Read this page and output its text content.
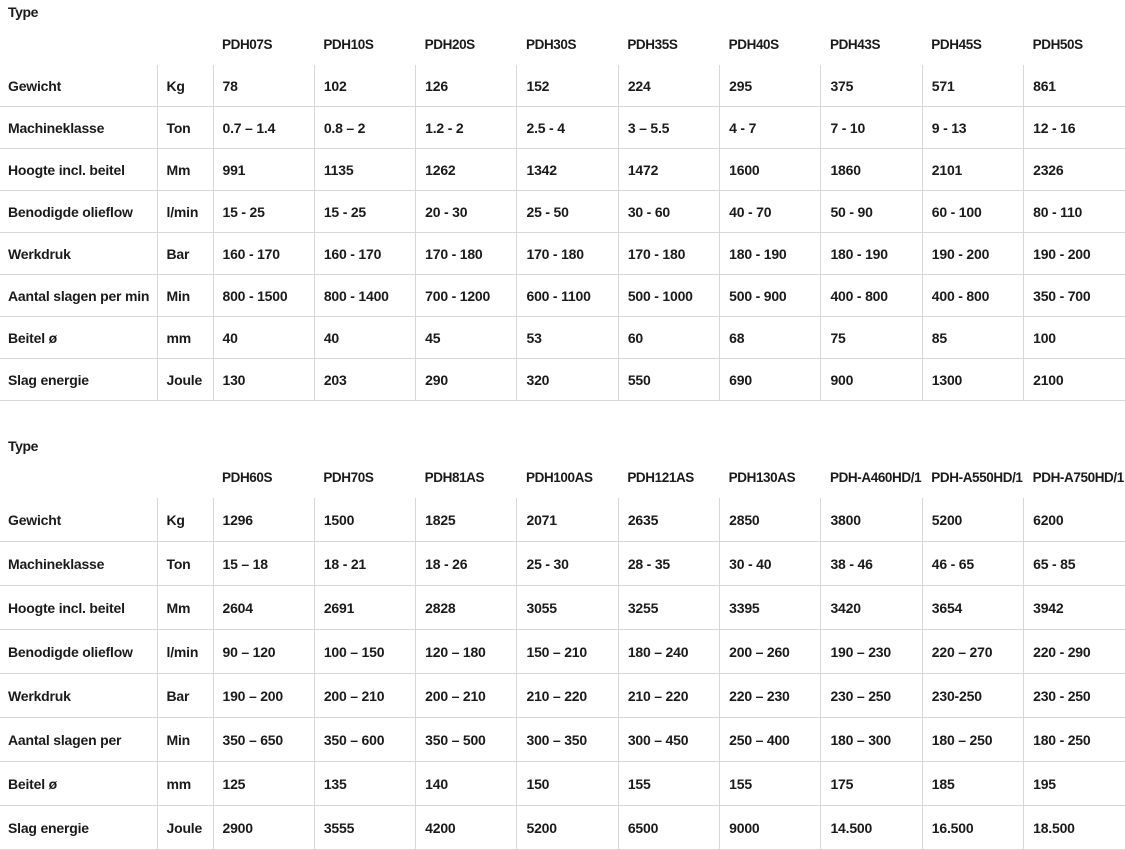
Type		PDH07S	PDH10S	PDH20S	PDH30S	PDH35S	PDH40S	PDH43S	PDH45S	PDH50S
Gewicht	Kg	78	102	126	152	224	295	375	571	861
Machineklasse	Ton	0.7 – 1.4	0.8 – 2	1.2 - 2	2.5 - 4	3 – 5.5	4 - 7	7 - 10	9 - 13	12 - 16
Hoogte incl. beitel	Mm	991	1135	1262	1342	1472	1600	1860	2101	2326
Benodigde olieflow	l/min	15 - 25	15 - 25	20 - 30	25 - 50	30 - 60	40 - 70	50 - 90	60 - 100	80 - 110
Werkdruk	Bar	160 - 170	160 - 170	170 - 180	170 - 180	170 - 180	180 - 190	180 - 190	190 - 200	190 - 200
Aantal slagen per min	Min	800 - 1500	800 - 1400	700 - 1200	600 - 1100	500 - 1000	500 - 900	400 - 800	400 - 800	350 - 700
Beitel ø	mm	40	40	45	53	60	68	75	85	100
Slag energie	Joule	130	203	290	320	550	690	900	1300	2100
Type		PDH60S	PDH70S	PDH81AS	PDH100AS	PDH121AS	PDH130AS	PDH-A460HD/1	PDH-A550HD/1	PDH-A750HD/1
Gewicht	Kg	1296	1500	1825	2071	2635	2850	3800	5200	6200
Machineklasse	Ton	15 – 18	18 - 21	18 - 26	25 - 30	28 - 35	30 - 40	38 - 46	46 - 65	65 - 85
Hoogte incl. beitel	Mm	2604	2691	2828	3055	3255	3395	3420	3654	3942
Benodigde olieflow	l/min	90 – 120	100 – 150	120 – 180	150 – 210	180 – 240	200 – 260	190 – 230	220 – 270	220 - 290
Werkdruk	Bar	190 – 200	200 – 210	200 – 210	210 – 220	210 – 220	220 – 230	230 – 250	230-250	230 - 250
Aantal slagen per	Min	350 – 650	350 – 600	350 – 500	300 – 350	300 – 450	250 – 400	180 – 300	180 – 250	180 - 250
Beitel ø	mm	125	135	140	150	155	155	175	185	195
Slag energie	Joule	2900	3555	4200	5200	6500	9000	14.500	16.500	18.500
